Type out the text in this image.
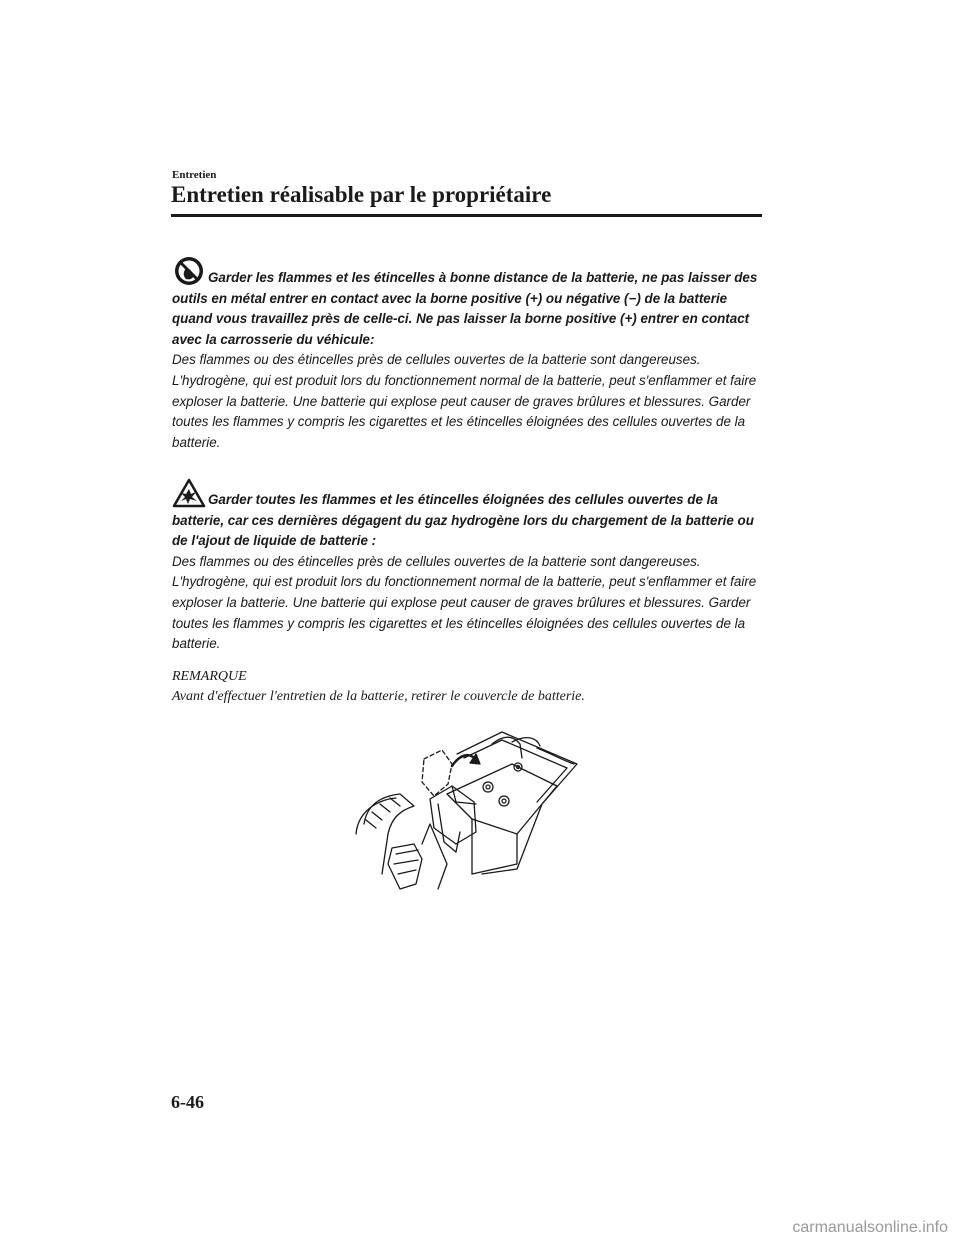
Entretien
Entretien réalisable par le propriétaire
Garder les flammes et les étincelles à bonne distance de la batterie, ne pas laisser des outils en métal entrer en contact avec la borne positive (+) ou négative (−) de la batterie quand vous travaillez près de celle-ci. Ne pas laisser la borne positive (+) entrer en contact avec la carrosserie du véhicule:
Des flammes ou des étincelles près de cellules ouvertes de la batterie sont dangereuses. L'hydrogène, qui est produit lors du fonctionnement normal de la batterie, peut s'enflammer et faire exploser la batterie. Une batterie qui explose peut causer de graves brûlures et blessures. Garder toutes les flammes y compris les cigarettes et les étincelles éloignées des cellules ouvertes de la batterie.
Garder toutes les flammes et les étincelles éloignées des cellules ouvertes de la batterie, car ces dernières dégagent du gaz hydrogène lors du chargement de la batterie ou de l'ajout de liquide de batterie :
Des flammes ou des étincelles près de cellules ouvertes de la batterie sont dangereuses. L'hydrogène, qui est produit lors du fonctionnement normal de la batterie, peut s'enflammer et faire exploser la batterie. Une batterie qui explose peut causer de graves brûlures et blessures. Garder toutes les flammes y compris les cigarettes et les étincelles éloignées des cellules ouvertes de la batterie.
REMARQUE
Avant d'effectuer l'entretien de la batterie, retirer le couvercle de batterie.
6-46
carmanualsonline.info
